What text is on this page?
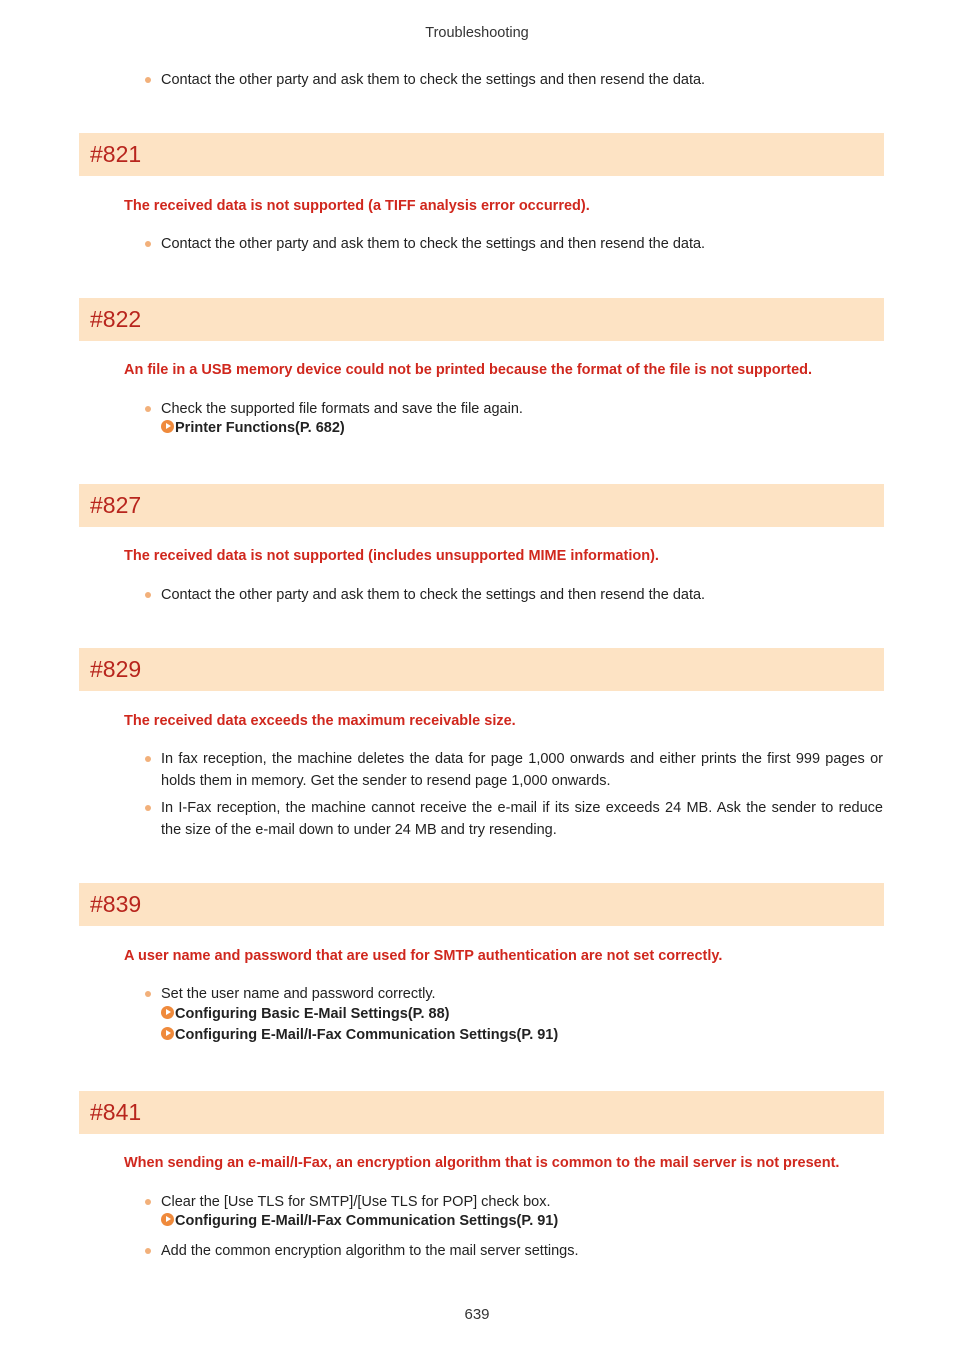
Troubleshooting
Contact the other party and ask them to check the settings and then resend the data.
#821
The received data is not supported (a TIFF analysis error occurred).
Contact the other party and ask them to check the settings and then resend the data.
#822
An file in a USB memory device could not be printed because the format of the file is not supported.
Check the supported file formats and save the file again.
Printer Functions(P. 682)
#827
The received data is not supported (includes unsupported MIME information).
Contact the other party and ask them to check the settings and then resend the data.
#829
The received data exceeds the maximum receivable size.
In fax reception, the machine deletes the data for page 1,000 onwards and either prints the first 999 pages or holds them in memory. Get the sender to resend page 1,000 onwards.
In I-Fax reception, the machine cannot receive the e-mail if its size exceeds 24 MB. Ask the sender to reduce the size of the e-mail down to under 24 MB and try resending.
#839
A user name and password that are used for SMTP authentication are not set correctly.
Set the user name and password correctly.
Configuring Basic E-Mail Settings(P. 88)
Configuring E-Mail/I-Fax Communication Settings(P. 91)
#841
When sending an e-mail/I-Fax, an encryption algorithm that is common to the mail server is not present.
Clear the [Use TLS for SMTP]/[Use TLS for POP] check box.
Configuring E-Mail/I-Fax Communication Settings(P. 91)
Add the common encryption algorithm to the mail server settings.
639
